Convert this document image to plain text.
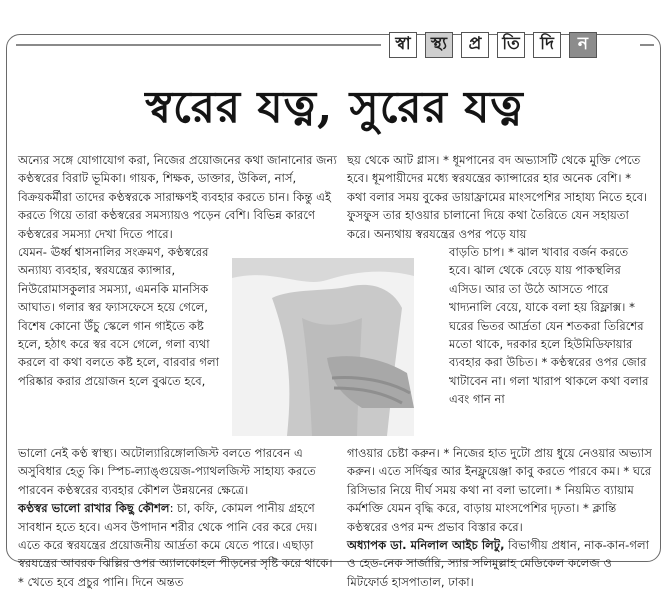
স্বা	স্থ্য	প্র	তি	দি	ন
স্বরের যত্ন, সুরের যত্ন

অন্যের সঙ্গে যোগাযোগ করা, নিজের প্রয়োজনের কথা জানানোর জন্য কণ্ঠস্বরের বিরাট ভূমিকা। গায়ক, শিক্ষক, ডাক্তার, উকিল, নার্স, বিক্রয়কর্মীরা তাদের কণ্ঠস্বরকে সারাক্ষণই ব্যবহার করতে চান। কিন্তু এই করতে গিয়ে তারা কণ্ঠস্বরের সমস্যায়ও পড়েন বেশি। বিভিন্ন কারণে কণ্ঠস্বরের সমস্যা দেখা দিতে পারে।

যেমন- ঊর্ধ্ব শ্বাসনালির সংক্রমণ, কণ্ঠস্বরের অন্যায্য ব্যবহার, স্বরযন্ত্রের ক্যান্সার, নিউরোমাসকুলার সমস্যা, এমনকি মানসিক আঘাত। গলার স্বর ফ্যাসফেসে হয়ে গেলে, বিশেষ কোনো উঁচু স্কেলে গান গাইতে কষ্ট হলে, হঠাৎ করে স্বর বসে গেলে, গলা ব্যথা করলে বা কথা বলতে কষ্ট হলে, বারবার গলা পরিষ্কার করার প্রয়োজন হলে বুঝতে হবে,

ছয় থেকে আট গ্লাস। * ধূমপানের বদ অভ্যাসটি থেকে মুক্তি পেতে হবে। ধূমপায়ীদের মধ্যে স্বরযন্ত্রের ক্যান্সারের হার অনেক বেশি। * কথা বলার সময় বুকের ডায়াফ্রামের মাংসপেশির সাহায্য নিতে হবে। ফুসফুস তার হাওয়ার চালানো দিয়ে কথা তৈরিতে যেন সহায়তা করে। অন্যথায় স্বরযন্ত্রের ওপর পড়ে যায়

বাড়তি চাপ। * ঝাল খাবার বর্জন করতে হবে। ঝাল থেকে বেড়ে যায় পাকস্থলির এসিড। আর তা উঠে আসতে পারে খাদ্যনালি বেয়ে, যাকে বলা হয় রিফ্লাক্স। * ঘরের ভিতর আর্দ্রতা যেন শতকরা তিরিশের মতো থাকে, দরকার হলে হিউমিডিফায়ার ব্যবহার করা উচিত। * কণ্ঠস্বরের ওপর জোর খাটাবেন না। গলা খারাপ থাকলে কথা বলার এবং গান না

ভালো নেই কণ্ঠ স্বাস্থ্য। অটোল্যারিঙ্গোলজিস্ট বলতে পারবেন এ অসুবিধার হেতু কি। স্পিচ-ল্যাঙ্গুয়েজ-প্যাথলজিস্ট সাহায্য করতে পারবেন কণ্ঠস্বরের ব্যবহার কৌশল উন্নয়নের ক্ষেত্রে।

কণ্ঠস্বর ভালো রাখার কিছু কৌশল: চা, কফি, কোমল পানীয় গ্রহণে সাবধান হতে হবে। এসব উপাদান শরীর থেকে পানি বের করে দেয়। এতে করে স্বরযন্ত্রের প্রয়োজনীয় আর্দ্রতা কমে যেতে পারে। এছাড়া স্বরযন্ত্রের আবরক ঝিল্লির ওপর অ্যালকোহল পীড়নের সৃষ্টি করে থাকে। * খেতে হবে প্রচুর পানি। দিনে অন্তত

গাওয়ার চেষ্টা করুন। * নিজের হাত দুটো প্রায় ধুয়ে নেওয়ার অভ্যাস করুন। এতে সর্দিজ্বর আর ইনফ্লুয়েঞ্জা কাবু করতে পারবে কম। * ঘরে রিসিভার নিয়ে দীর্ঘ সময় কথা না বলা ভালো। * নিয়মিত ব্যায়াম কর্মশক্তি যেমন বৃদ্ধি করে, বাড়ায় মাংসপেশির দৃঢ়তা। * ক্লান্তি কণ্ঠস্বরের ওপর মন্দ প্রভাব বিস্তার করে।

অধ্যাপক ডা. মনিলাল আইচ লিটু, বিভাগীয় প্রধান, নাক-কান-গলা ও হেড-নেক সার্জারি, স্যার সলিমুল্লাহ মেডিকেল কলেজ ও মিটফোর্ড হাসপাতাল, ঢাকা।
